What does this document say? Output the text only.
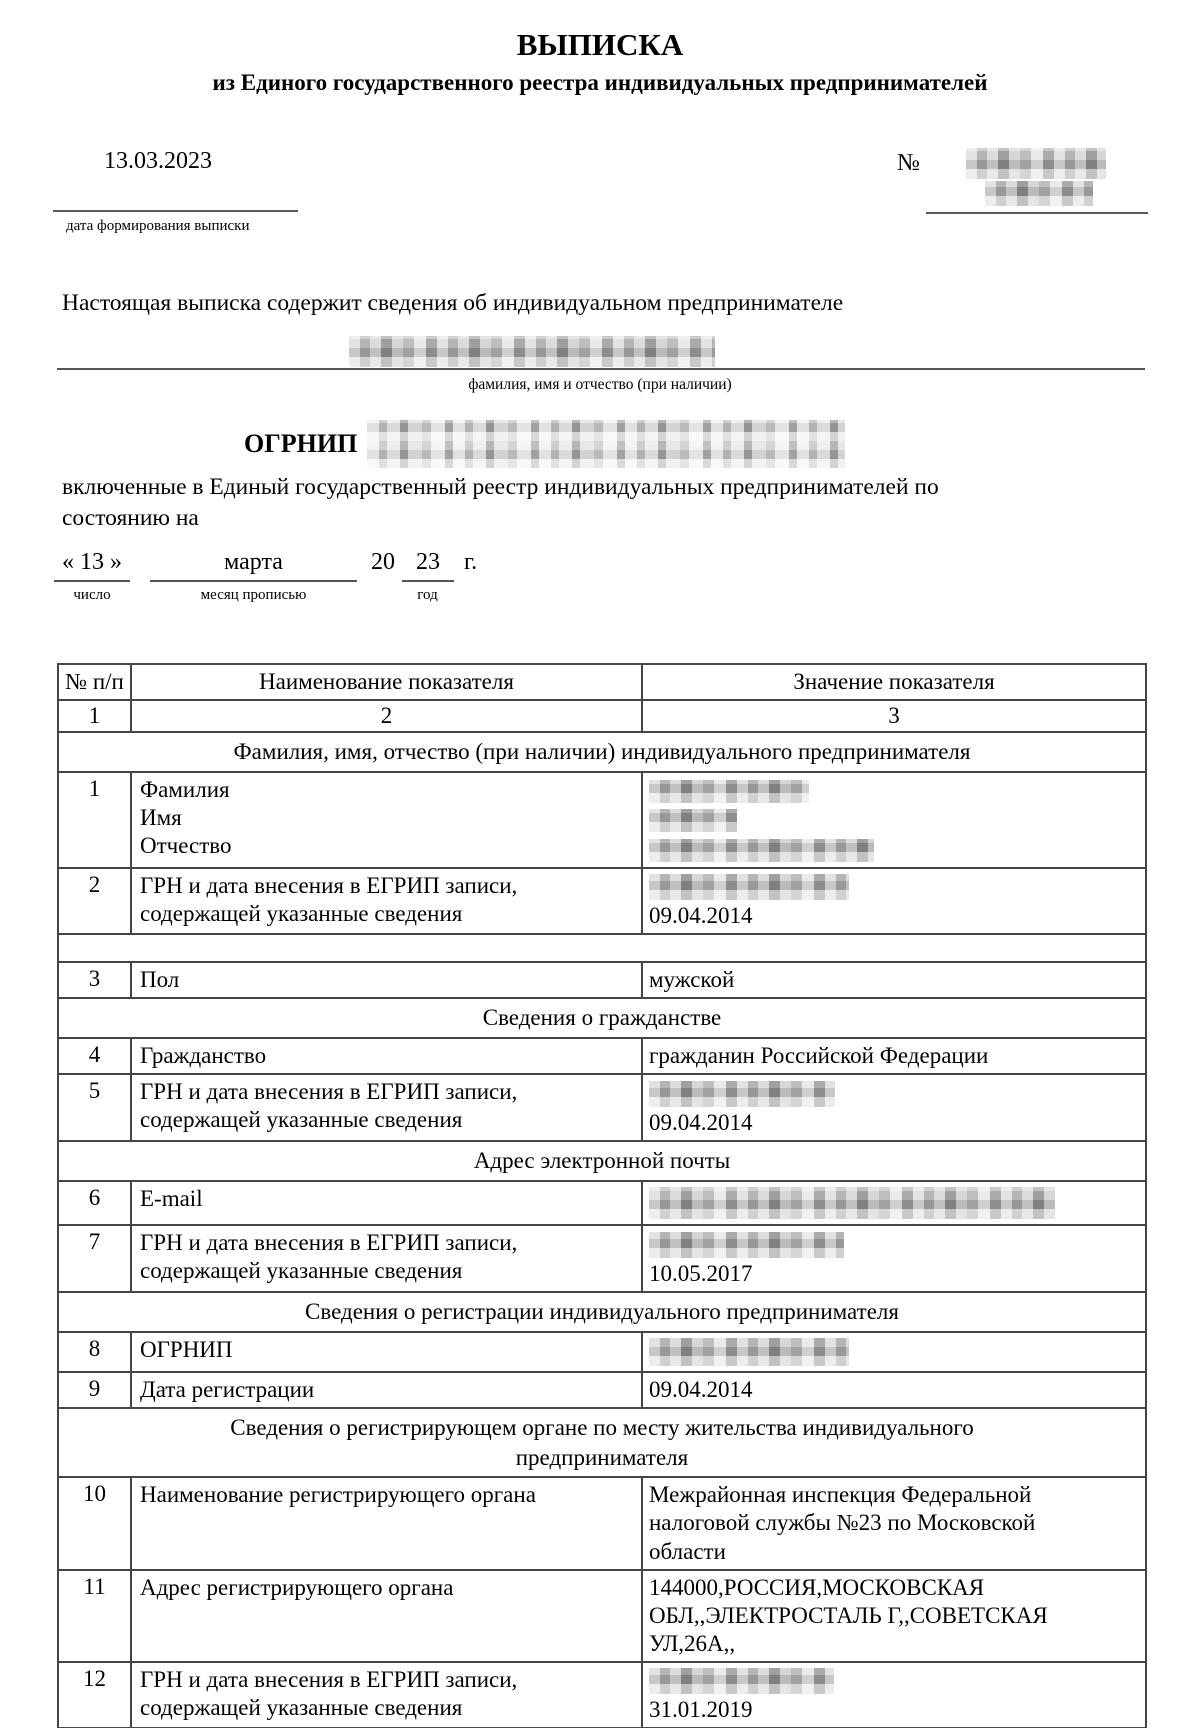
ВЫПИСКА
из Единого государственного реестра индивидуальных предпринимателей
13.03.2023
дата формирования выписки
№
Настоящая выписка содержит сведения об индивидуальном предпринимателе
фамилия, имя и отчество (при наличии)
ОГРНИП
включенные в Единый государственный реестр индивидуальных предпринимателей по
состоянию на
« 13 »	марта	20 23	г.
число	месяц прописью	год
№ п/п	Наименование показателя	Значение показателя
1	2	3
Фамилия, имя, отчество (при наличии) индивидуального предпринимателя		
1	Фамилия
Имя
Отчество	

2	ГРН и дата внесения в ЕГРИП записи,
содержащей указанные сведения	09.04.2014

3	Пол	мужской

Сведения о гражданстве		
4	Гражданство	гражданин Российской Федерации

5	ГРН и дата внесения в ЕГРИП записи,
содержащей указанные сведения	09.04.2014

Адрес электронной почты		
6	E-mail	

7	ГРН и дата внесения в ЕГРИП записи,
содержащей указанные сведения	10.05.2017

Сведения о регистрации индивидуального предпринимателя		
8	ОГРНИП	

9	Дата регистрации	09.04.2014

Сведения о регистрирующем органе по месту жительства индивидуального
предпринимателя		
10	Наименование регистрирующего органа	Межрайонная инспекция Федеральной
налоговой службы №23 по Московской
области

11	Адрес регистрирующего органа	144000,РОССИЯ,МОСКОВСКАЯ
ОБЛ,,ЭЛЕКТРОСТАЛЬ Г,,СОВЕТСКАЯ
УЛ,26А,,

12	ГРН и дата внесения в ЕГРИП записи,
содержащей указанные сведения	31.01.2019
